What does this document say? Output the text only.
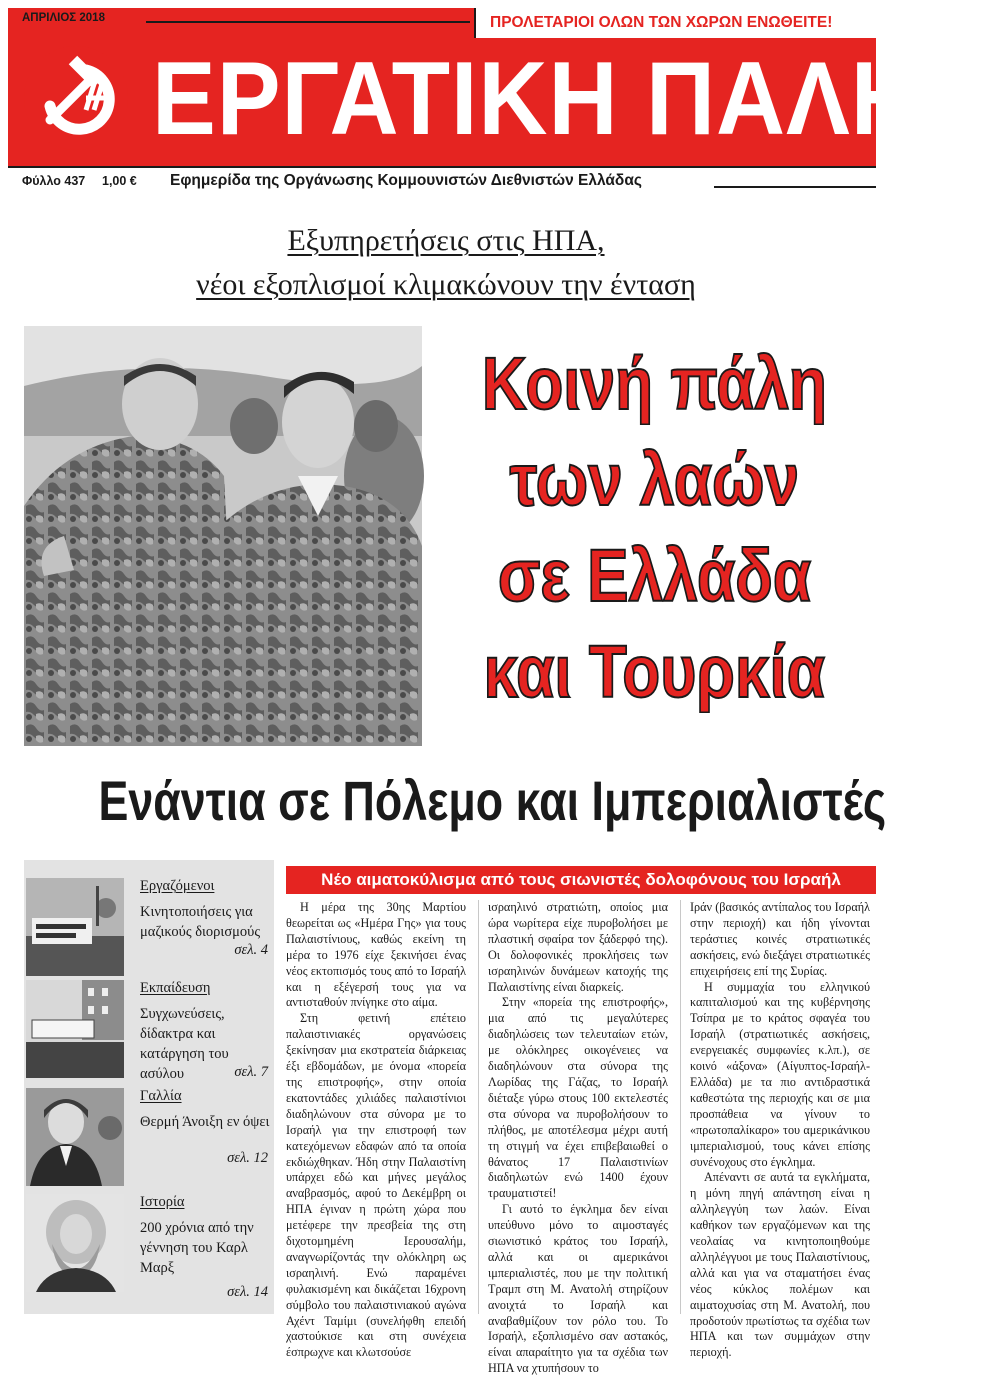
ΑΠΡΙΛΙΟΣ 2018	ΠΡΟΛΕΤΑΡΙΟΙ ΟΛΩΝ ΤΩΝ ΧΩΡΩΝ ΕΝΩΘΕΙΤΕ!
ΕΡΓΑΤΙΚΗ ΠΑΛΗ
Φύλλο 437 1,00 € Εφημερίδα της Οργάνωσης Κομμουνιστών Διεθνιστών Ελλάδας
Εξυπηρετήσεις στις ΗΠΑ,
νέοι εξοπλισμοί κλιμακώνουν την ένταση
Κοινή πάλη
των λαών
σε Ελλάδα
και Τουρκία
Ενάντια σε Πόλεμο και Ιμπεριαλιστές
Εργαζόμενοι
Κινητοποιήσεις για μαζικούς διορισμούς
σελ. 4
Εκπαίδευση
Συγχωνεύσεις, δίδακτρα και κατάργηση του ασύλου	σελ. 7
Γαλλία
Θερμή Άνοιξη εν όψει
σελ. 12
Ιστορία
200 χρόνια από την γέννηση του Καρλ Μαρξ
σελ. 14
Νέο αιματοκύλισμα από τους σιωνιστές δολοφόνους του Ισραήλ

Η μέρα της 30ης Μαρτίου θεωρείται ως «Ημέρα Γης» για τους Παλαιστίνιους, καθώς εκείνη τη μέρα το 1976 είχε ξεκινήσει ένας νέος εκτοπισμός τους από το Ισραήλ και η εξέγερσή τους για να αντισταθούν πνίγηκε στο αίμα.

Στη φετινή επέτειο παλαιστινιακές οργανώσεις ξεκίνησαν μια εκστρατεία διάρκειας έξι εβδομάδων, με όνομα «πορεία της επιστροφής», στην οποία εκατοντάδες χιλιάδες παλαιστίνιοι διαδηλώνουν στα σύνορα με το Ισραήλ για την επιστροφή των κατεχόμενων εδαφών από τα οποία εκδιώχθηκαν. Ήδη στην Παλαιστίνη υπάρχει εδώ και μήνες μεγάλος αναβρασμός, αφού το Δεκέμβρη οι ΗΠΑ έγιναν η πρώτη χώρα που μετέφερε την πρεσβεία της στη διχοτομημένη Ιερουσαλήμ, αναγνωρίζοντάς την ολόκληρη ως ισραηλινή. Ενώ παραμένει φυλακισμένη και δικάζεται 16χρονη σύμβολο του παλαιστινιακού αγώνα Αχέντ Ταμίμι (συνελήφθη επειδή χαστούκισε και στη συνέχεια έσπρωχνε και κλωτσούσε

ισραηλινό στρατιώτη, οποίος μια ώρα νωρίτερα είχε πυροβολήσει με πλαστική σφαίρα τον ξάδερφό της). Οι δολοφονικές προκλήσεις των ισραηλινών δυνάμεων κατοχής της Παλαιστίνης είναι διαρκείς.

Στην «πορεία της επιστροφής», μια από τις μεγαλύτερες διαδηλώσεις των τελευταίων ετών, με ολόκληρες οικογένειες να διαδηλώνουν στα σύνορα της Λωρίδας της Γάζας, το Ισραήλ διέταξε γύρω στους 100 εκτελεστές στα σύνορα να πυροβολήσουν το πλήθος, με αποτέλεσμα μέχρι αυτή τη στιγμή να έχει επιβεβαιωθεί ο θάνατος 17 Παλαιστινίων διαδηλωτών ενώ 1400 έχουν τραυματιστεί!

Γι αυτό το έγκλημα δεν είναι υπεύθυνο μόνο το αιμοσταγές σιωνιστικό κράτος του Ισραήλ, αλλά και οι αμερικάνοι ιμπεριαλιστές, που με την πολιτική Τραμπ στη Μ. Ανατολή στηρίζουν ανοιχτά το Ισραήλ και αναβαθμίζουν τον ρόλο του. Το Ισραήλ, εξοπλισμένο σαν αστακός, είναι απαραίτητο για τα σχέδια των ΗΠΑ να χτυπήσουν το

Ιράν (βασικός αντίπαλος του Ισραήλ στην περιοχή) και ήδη γίνονται τεράστιες κοινές στρατιωτικές ασκήσεις, ενώ διεξάγει στρατιωτικές επιχειρήσεις επί της Συρίας.

Η συμμαχία του ελληνικού καπιταλισμού και της κυβέρνησης Τσίπρα με το κράτος σφαγέα του Ισραήλ (στρατιωτικές ασκήσεις, ενεργειακές συμφωνίες κ.λπ.), σε κοινό «άξονα» (Αίγυπτος-Ισραήλ-Ελλάδα) με τα πιο αντιδραστικά καθεστώτα της περιοχής και σε μια προσπάθεια να γίνουν το «πρωτοπαλίκαρο» του αμερικάνικου ιμπεριαλισμού, τους κάνει επίσης συνένοχους στο έγκλημα.

Απέναντι σε αυτά τα εγκλήματα, η μόνη πηγή απάντηση είναι η αλληλεγγύη των λαών. Είναι καθήκον των εργαζόμενων και της νεολαίας να κινητοποιηθούμε αλληλέγγυοι με τους Παλαιστίνιους, αλλά και για να σταματήσει ένας νέος κύκλος πολέμων και αιματοχυσίας στη Μ. Ανατολή, που προδοτούν πρωτίστως τα σχέδια των ΗΠΑ και των συμμάχων στην περιοχή.
